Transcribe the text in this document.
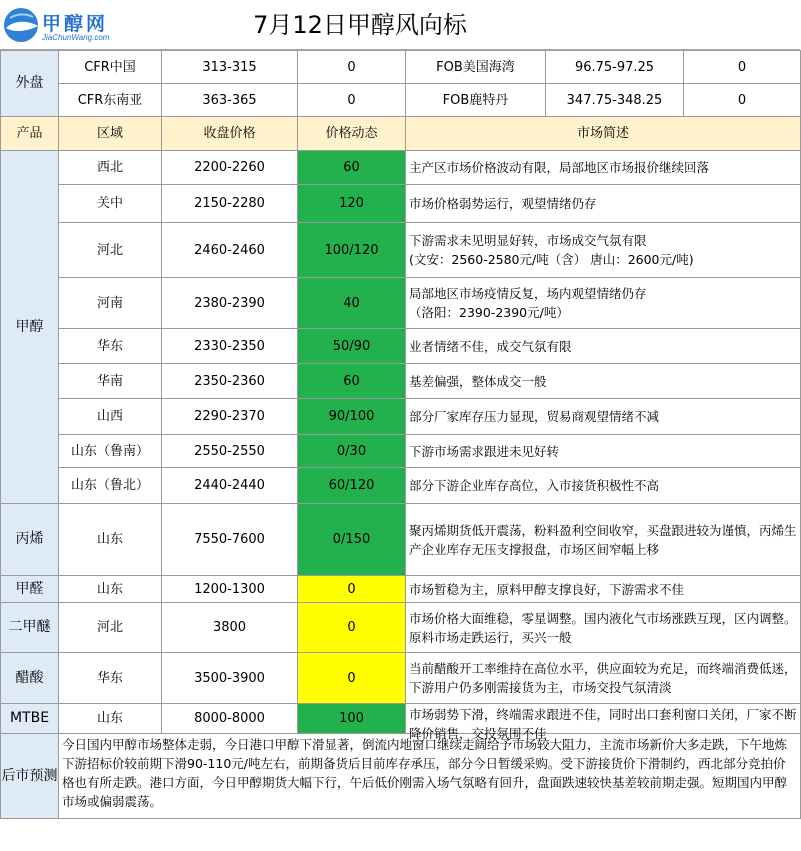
甲醇网
JiaChunWang.com	7月12日甲醇风向标
外盘	CFR中国	313-315	0	FOB美国海湾	96.75-97.25	0
	CFR东南亚	363-365	0	FOB鹿特丹	347.75-348.25	0
产品	区域	收盘价格	价格动态	市场简述		
甲醇	西北	2200-2260	60	主产区市场价格波动有限，局部地区市场报价继续回落		

	关中	2150-2280	120	市场价格弱势运行，观望情绪仍存		

	河北	2460-2460	100/120	下游需求未见明显好转，市场成交气氛有限
(文安：2560-2580元/吨（含） 唐山：2600元/吨)		

	河南	2380-2390	40	局部地区市场疫情反复，场内观望情绪仍存
（洛阳：2390-2390元/吨）		

	华东	2330-2350	50/90	业者情绪不佳，成交气氛有限		

	华南	2350-2360	60	基差偏强，整体成交一般		

	山西	2290-2370	90/100	部分厂家库存压力显现，贸易商观望情绪不减		

	山东（鲁南）	2550-2550	0/30	下游市场需求跟进未见好转		

	山东（鲁北）	2440-2440	60/120	部分下游企业库存高位，入市接货积极性不高		

丙烯	山东	7550-7600	0/150	聚丙烯期货低开震荡，粉料盈利空间收窄，买盘跟进较为谨慎，丙烯生产企业库存无压支撑报盘，市场区间窄幅上移		

甲醛	山东	1200-1300	0	市场暂稳为主，原料甲醇支撑良好，下游需求不佳		

二甲醚	河北	3800	0	市场价格大面维稳，零星调整。国内液化气市场涨跌互现，区内调整。原料市场走跌运行，买兴一般		

醋酸	华东	3500-3900	0	当前醋酸开工率维持在高位水平，供应面较为充足，而终端消费低迷，下游用户仍多刚需接货为主，市场交投气氛清淡		

MTBE	山东	8000-8000	100	市场弱势下滑，终端需求跟进不佳，同时出口套利窗口关闭，厂家不断降价销售，交投氛围不佳		

后市预测	今日国内甲醇市场整体走弱，今日港口甲醇下滑显著，倒流内地窗口继续走阔给予市场较大阻力，主流市场新价大多走跌，下午地炼下游招标价较前期下滑90-110元/吨左右，前期备货后目前库存承压，部分今日暂缓采购。受下游接货价下滑制约，西北部分竞拍价格也有所走跌。港口方面，今日甲醇期货大幅下行，午后低价刚需入场气氛略有回升，盘面跌速较快基差较前期走强。短期国内甲醇市场或偏弱震荡。					
